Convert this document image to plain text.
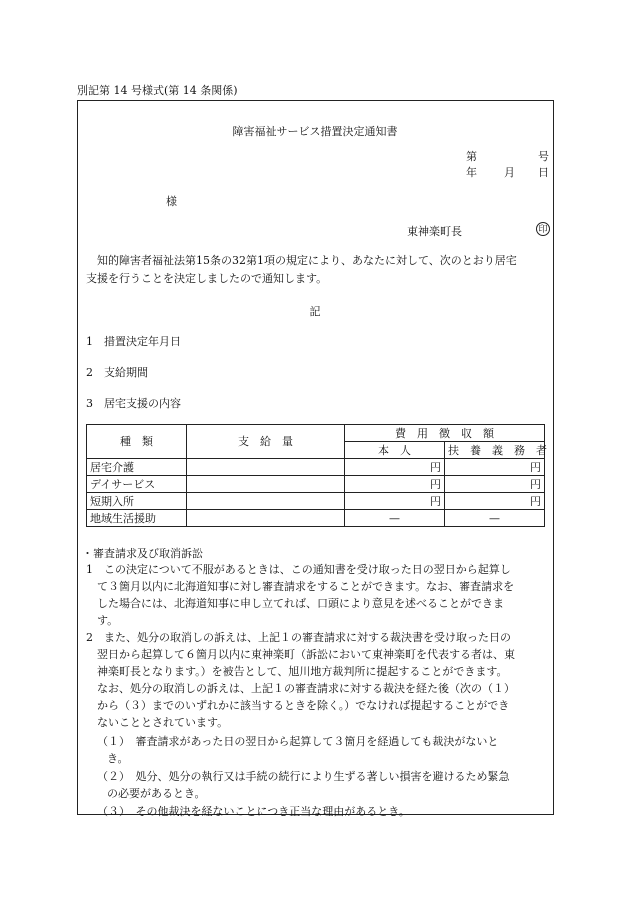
別記第 14 号様式(第 14 条関係)
障害福祉サービス措置決定通知書
第	号
年 月 日
様
東神楽町長	印
知的障害者福祉法第15条の32第1項の規定により、あなたに対して、次のとおり居宅
支援を行うことを決定しましたので通知します。
記
1　措置決定年月日
2　支給期間
3　居宅支援の内容
種　類	支　給　量	費　用　徴　収　額	
		本　人	扶　養　義　務　者
居宅介護		円	円
デイサービス		円	円
短期入所		円	円
地域生活援助		—	—
・審査請求及び取消訴訟
1　この決定について不服があるときは、この通知書を受け取った日の翌日から起算し
て３箇月以内に北海道知事に対し審査請求をすることができます。なお、審査請求を
した場合には、北海道知事に申し立てれば、口頭により意見を述べることができま
す。
2　また、処分の取消しの訴えは、上記１の審査請求に対する裁決書を受け取った日の
翌日から起算して６箇月以内に東神楽町（訴訟において東神楽町を代表する者は、東
神楽町長となります。）を被告として、旭川地方裁判所に提起することができます。
なお、処分の取消しの訴えは、上記１の審査請求に対する裁決を経た後（次の（１）
から（３）までのいずれかに該当するときを除く。）でなければ提起することができ
ないこととされています。
（１）　審査請求があった日の翌日から起算して３箇月を経過しても裁決がないと
き。
（２）　処分、処分の執行又は手続の続行により生ずる著しい損害を避けるため緊急
の必要があるとき。
（３）　その他裁決を経ないことにつき正当な理由があるとき。
